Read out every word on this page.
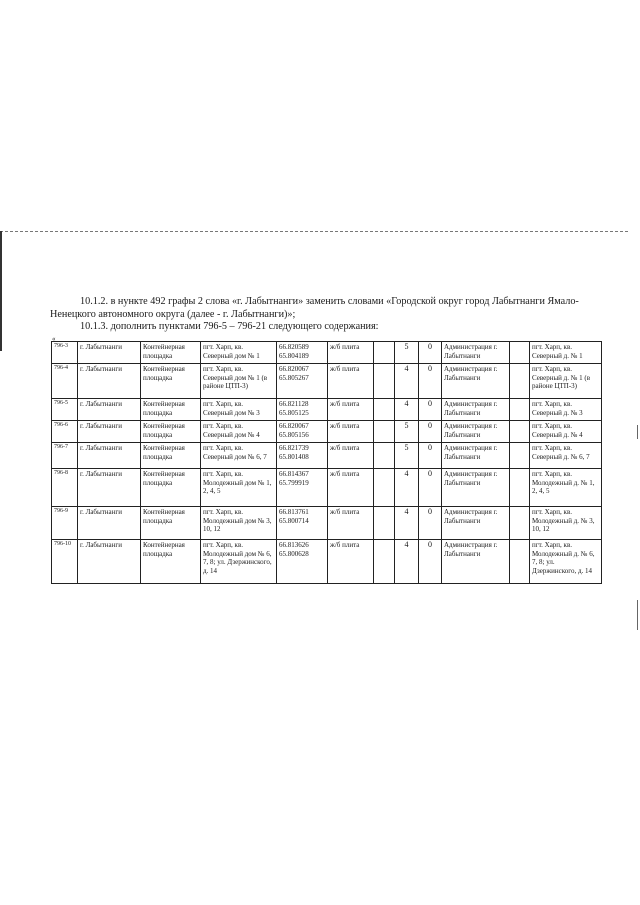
10.1.2. в нункте 492 графы 2 слова «г. Лабытнанги» заменить словами «Городской округ город Лабытнанги Ямало-Ненецкого автономного округа (далее - г. Лабытнанги)»;

10.1.3. дополнить пунктами 796-5 – 796-21 следующего содержания:

«

796-3	г. Лабытнанги	Контейнерная площадка	пгт. Харп, кв. Северный дом № 1	66.820589
65.804189	ж/б плита		5	0	Администрация г. Лабытнанги		пгт. Харп, кв. Северный д. № 1
796-4	г. Лабытнанги	Контейнерная площадка	пгт. Харп, кв. Северный дом № 1 (в районе ЦТП-3)	66.820067
65.805267	ж/б плита		4	0	Администрация г. Лабытнанги		пгт. Харп, кв. Северный д. № 1 (в районе ЦТП-3)
796-5	г. Лабытнанги	Контейнерная площадка	пгт. Харп, кв. Северный дом № 3	66.821128
65.805125	ж/б плита		4	0	Администрация г. Лабытнанги		пгт. Харп, кв. Северный д. № 3
796-6	г. Лабытнанги	Контейнерная площадка	пгт. Харп, кв. Северный дом № 4	66.820067
65.805156	ж/б плита		5	0	Администрация г. Лабытнанги		пгт. Харп, кв. Северный д. № 4
796-7	г. Лабытнанги	Контейнерная площадка	пгт. Харп, кв. Северный дом № 6, 7	66.821739
65.801408	ж/б плита		5	0	Администрация г. Лабытнанги		пгт. Харп, кв. Северный д. № 6, 7
796-8	г. Лабытнанги	Контейнерная площадка	пгт. Харп, кв. Молодежный дом № 1, 2, 4, 5	66.814367
65.799919	ж/б плита		4	0	Администрация г. Лабытнанги		пгт. Харп, кв. Молодежный д. № 1, 2, 4, 5
796-9	г. Лабытнанги	Контейнерная площадка	пгт. Харп, кв. Молодежный дом № 3, 10, 12	66.813761
65.800714	ж/б плита		4	0	Администрация г. Лабытнанги		пгт. Харп, кв. Молодежный д. № 3, 10, 12
796-10	г. Лабытнанги	Контейнерная площадка	пгт. Харп, кв. Молодежный дом № 6, 7, 8; ул. Дзержинского, д. 14	66.813626
65.800628	ж/б плита		4	0	Администрация г. Лабытнанги		пгт. Харп, кв. Молодежный д. № 6, 7, 8; ул. Дзержинского, д. 14
